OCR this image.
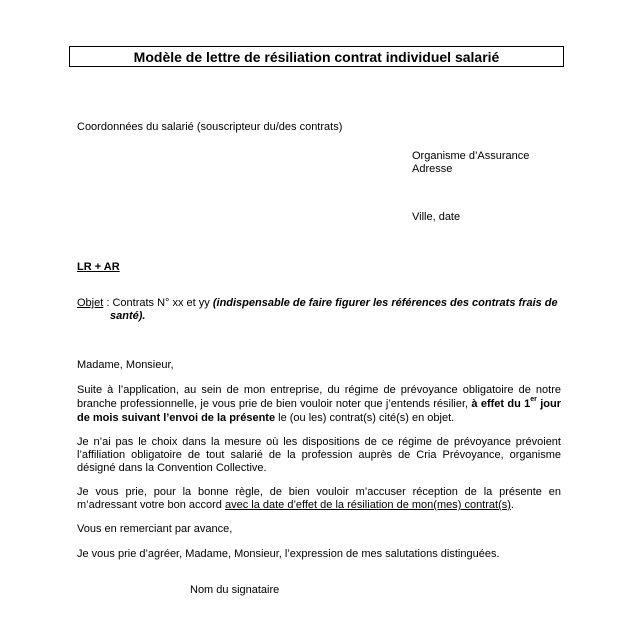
Modèle de lettre de résiliation contrat individuel salarié
Coordonnées du salarié (souscripteur du/des contrats)
Organisme d’Assurance
Adresse
Ville, date
LR + AR
Objet : Contrats N° xx et yy (indispensable de faire figurer les références des contrats frais de santé).
Madame, Monsieur,
Suite à l’application, au sein de mon entreprise, du régime de prévoyance obligatoire de notre branche professionnelle, je vous prie de bien vouloir noter que j’entends résilier, à effet du 1er jour de mois suivant l’envoi de la présente le (ou les) contrat(s) cité(s) en objet.
Je n’ai pas le choix dans la mesure où les dispositions de ce régime de prévoyance prévoient l’affiliation obligatoire de tout salarié de la profession auprès de Cria Prévoyance, organisme désigné dans la Convention Collective.
Je vous prie, pour la bonne règle, de bien vouloir m’accuser réception de la présente en m’adressant votre bon accord avec la date d’effet de la résiliation de mon(mes) contrat(s).
Vous en remerciant par avance,
Je vous prie d’agréer, Madame, Monsieur, l’expression de mes salutations distinguées.
Nom du signataire
